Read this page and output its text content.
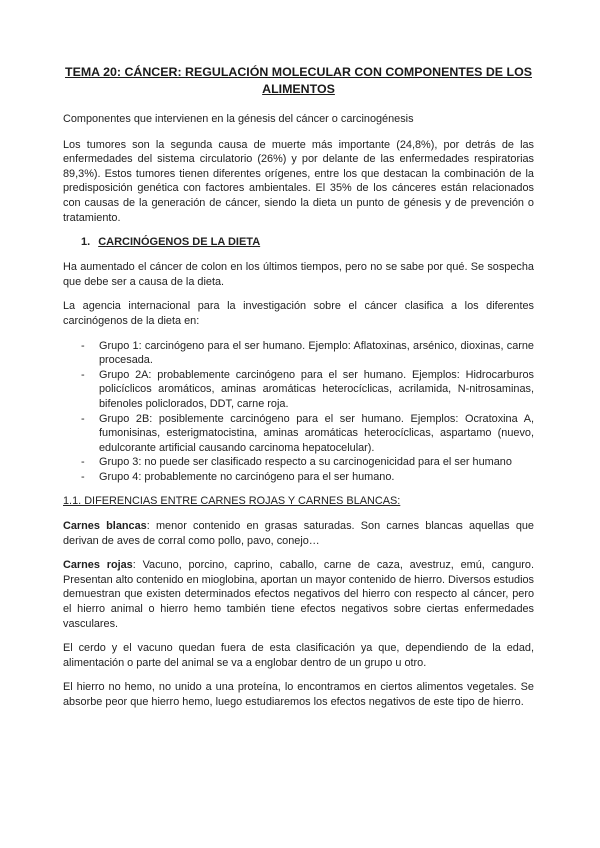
TEMA 20: CÁNCER: REGULACIÓN MOLECULAR CON COMPONENTES DE LOS ALIMENTOS

Componentes que intervienen en la génesis del cáncer o carcinogénesis

Los tumores son la segunda causa de muerte más importante (24,8%), por detrás de las enfermedades del sistema circulatorio (26%) y por delante de las enfermedades respiratorias 89,3%). Estos tumores tienen diferentes orígenes, entre los que destacan la combinación de la predisposición genética con factores ambientales. El 35% de los cánceres están relacionados con causas de la generación de cáncer, siendo la dieta un punto de génesis y de prevención o tratamiento.

1. CARCINÓGENOS DE LA DIETA

Ha aumentado el cáncer de colon en los últimos tiempos, pero no se sabe por qué. Se sospecha que debe ser a causa de la dieta.

La agencia internacional para la investigación sobre el cáncer clasifica a los diferentes carcinógenos de la dieta en:

- Grupo 1: carcinógeno para el ser humano. Ejemplo: Aflatoxinas, arsénico, dioxinas, carne procesada.
- Grupo 2A: probablemente carcinógeno para el ser humano. Ejemplos: Hidrocarburos policíclicos aromáticos, aminas aromáticas heterocíclicas, acrilamida, N-nitrosaminas, bifenoles policlorados, DDT, carne roja.
- Grupo 2B: posiblemente carcinógeno para el ser humano. Ejemplos: Ocratoxina A, fumonisinas, esterigmatocistina, aminas aromáticas heterocíclicas, aspartamo (nuevo, edulcorante artificial causando carcinoma hepatocelular).
- Grupo 3: no puede ser clasificado respecto a su carcinogenicidad para el ser humano
- Grupo 4: probablemente no carcinógeno para el ser humano.
1.1. DIFERENCIAS ENTRE CARNES ROJAS Y CARNES BLANCAS:

Carnes blancas: menor contenido en grasas saturadas. Son carnes blancas aquellas que derivan de aves de corral como pollo, pavo, conejo…

Carnes rojas: Vacuno, porcino, caprino, caballo, carne de caza, avestruz, emú, canguro. Presentan alto contenido en mioglobina, aportan un mayor contenido de hierro. Diversos estudios demuestran que existen determinados efectos negativos del hierro con respecto al cáncer, pero el hierro animal o hierro hemo también tiene efectos negativos sobre ciertas enfermedades vasculares.

El cerdo y el vacuno quedan fuera de esta clasificación ya que, dependiendo de la edad, alimentación o parte del animal se va a englobar dentro de un grupo u otro.

El hierro no hemo, no unido a una proteína, lo encontramos en ciertos alimentos vegetales. Se absorbe peor que hierro hemo, luego estudiaremos los efectos negativos de este tipo de hierro.
